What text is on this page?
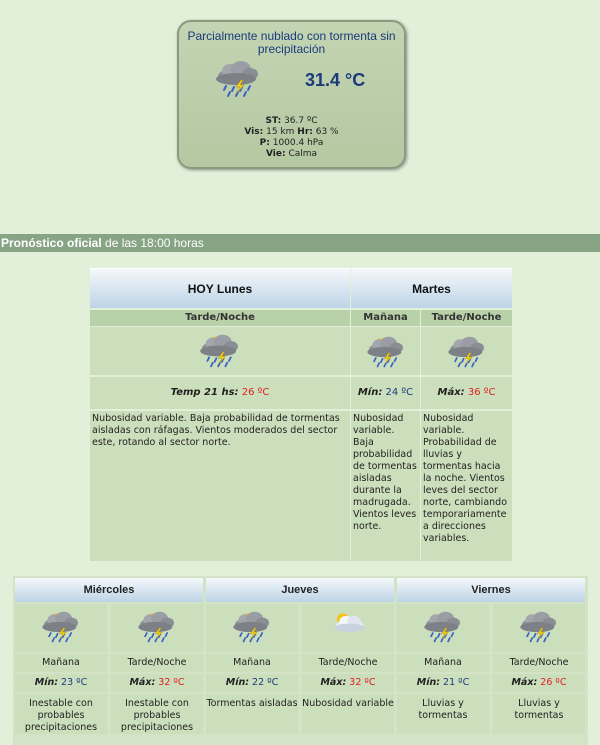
Parcialmente nublado con tormenta sin precipitación
31.4 °C
ST: 36.7 ºC
Vis: 15 km Hr: 63 %
P: 1000.4 hPa
Vie: Calma
Pronóstico oficial de las 18:00 horas
HOY Lunes
Tarde/Noche
Temp 21 hs: 26 ºC
Nubosidad variable. Baja probabilidad de tormentas aisladas con ráfagas. Vientos moderados del sector este, rotando al sector norte.
Martes
Mañana
Mín: 24 ºC
Nubosidad variable. Baja probabilidad de tormentas aisladas durante la madrugada. Vientos leves norte.
Tarde/Noche
Máx: 36 ºC
Nubosidad variable. Probabilidad de lluvias y tormentas hacia la noche. Vientos leves del sector norte, cambiando temporariamente a direcciones variables.
Miércoles
Mañana
Mín: 23 ºC
Inestable con probables precipitaciones
Tarde/Noche
Máx: 32 ºC
Inestable con probables precipitaciones
Jueves
Mañana
Mín: 22 ºC
Tormentas aisladas
Tarde/Noche
Máx: 32 ºC
Nubosidad variable
Viernes
Mañana
Mín: 21 ºC
Lluvias y tormentas
Tarde/Noche
Máx: 26 ºC
Lluvias y tormentas
